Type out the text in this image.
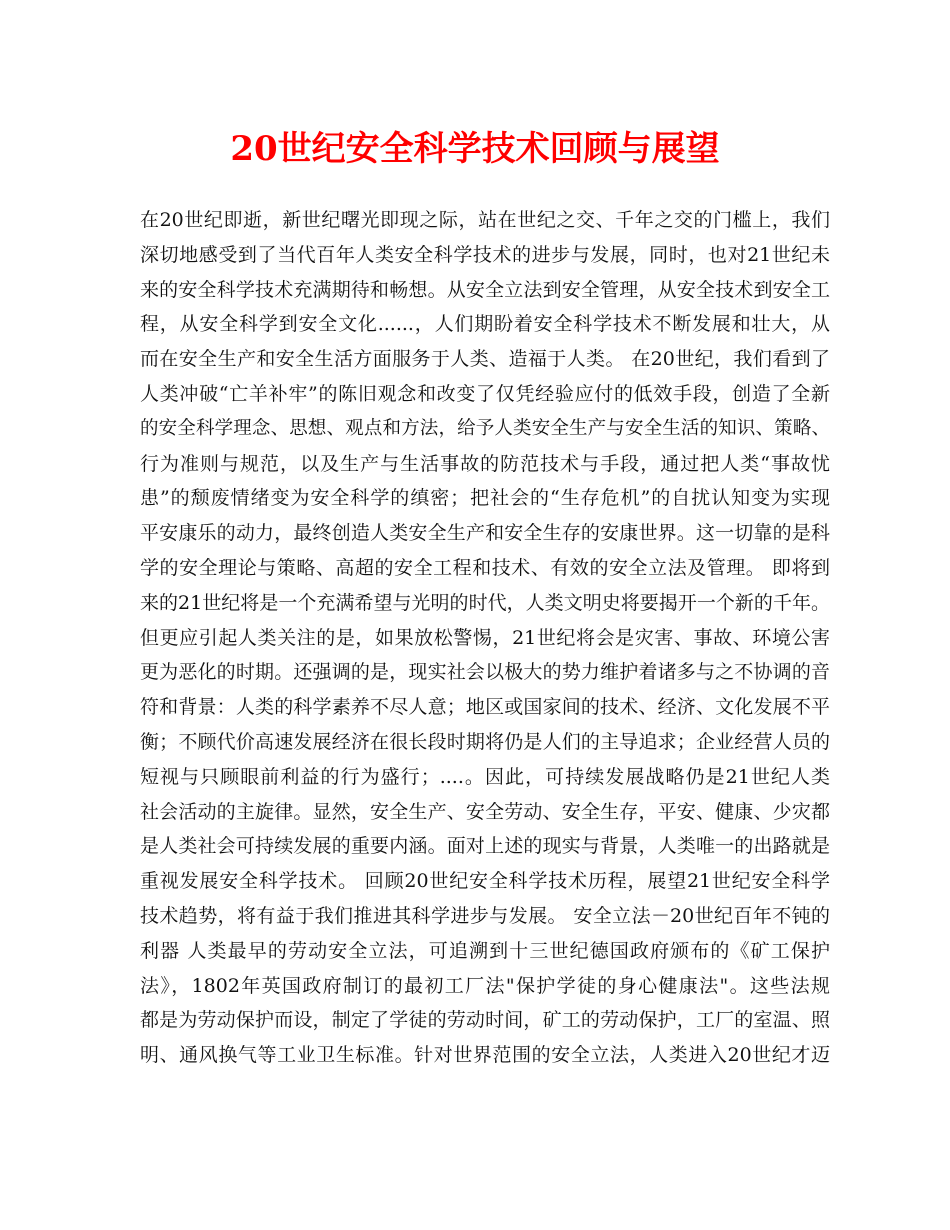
20世纪安全科学技术回顾与展望
在20世纪即逝，新世纪曙光即现之际，站在世纪之交、千年之交的门槛上，我们
深切地感受到了当代百年人类安全科学技术的进步与发展，同时，也对21世纪未
来的安全科学技术充满期待和畅想。从安全立法到安全管理，从安全技术到安全工
程，从安全科学到安全文化......，人们期盼着安全科学技术不断发展和壮大，从
而在安全生产和安全生活方面服务于人类、造福于人类。 在20世纪，我们看到了
人类冲破“亡羊补牢”的陈旧观念和改变了仅凭经验应付的低效手段，创造了全新
的安全科学理念、思想、观点和方法，给予人类安全生产与安全生活的知识、策略、
行为准则与规范，以及生产与生活事故的防范技术与手段，通过把人类“事故忧
患”的颓废情绪变为安全科学的缜密；把社会的“生存危机”的自扰认知变为实现
平安康乐的动力，最终创造人类安全生产和安全生存的安康世界。这一切靠的是科
学的安全理论与策略、高超的安全工程和技术、有效的安全立法及管理。 即将到
来的21世纪将是一个充满希望与光明的时代，人类文明史将要揭开一个新的千年。
但更应引起人类关注的是，如果放松警惕，21世纪将会是灾害、事故、环境公害
更为恶化的时期。还强调的是，现实社会以极大的势力维护着诸多与之不协调的音
符和背景：人类的科学素养不尽人意；地区或国家间的技术、经济、文化发展不平
衡；不顾代价高速发展经济在很长段时期将仍是人们的主导追求；企业经营人员的
短视与只顾眼前利益的行为盛行；....。因此，可持续发展战略仍是21世纪人类
社会活动的主旋律。显然，安全生产、安全劳动、安全生存，平安、健康、少灾都
是人类社会可持续发展的重要内涵。面对上述的现实与背景，人类唯一的出路就是
重视发展安全科学技术。 回顾20世纪安全科学技术历程，展望21世纪安全科学
技术趋势，将有益于我们推进其科学进步与发展。 安全立法－20世纪百年不钝的
利器 人类最早的劳动安全立法，可追溯到十三世纪德国政府颁布的《矿工保护
法》，1802年英国政府制订的最初工厂法"保护学徒的身心健康法"。这些法规
都是为劳动保护而设，制定了学徒的劳动时间，矿工的劳动保护，工厂的室温、照
明、通风换气等工业卫生标准。针对世界范围的安全立法，人类进入20世纪才迈
